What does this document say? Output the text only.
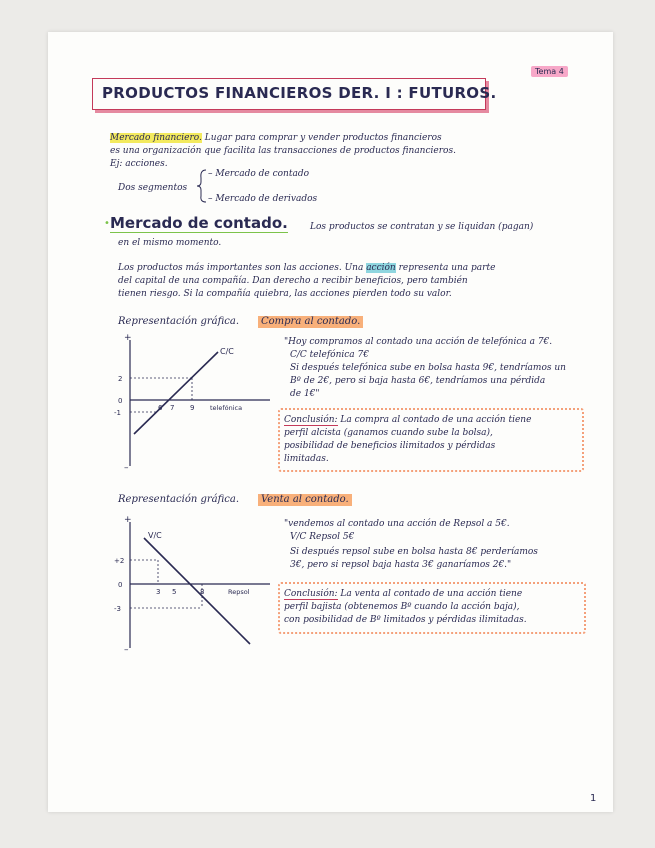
Tema 4
PRODUCTOS FINANCIEROS DER. I : FUTUROS.
Mercado financiero. Lugar para comprar y vender productos financieros
es una organización que facilita las transacciones de productos financieros.
Ej: acciones.
Dos segmentos
– Mercado de contado
– Mercado de derivados
• Mercado de contado. Los productos se contratan y se liquidan (pagan)
en el mismo momento.
Los productos más importantes son las acciones. Una acción representa una parte
del capital de una compañía. Dan derecho a recibir beneficios, pero también
tienen riesgo. Si la compañía quiebra, las acciones pierden todo su valor.
Representación gráfica.	Compra al contado.
+
–
C/C
2
0
-1
6 7 9 telefónica
"Hoy compramos al contado una acción de telefónica a 7€.
C/C telefónica 7€
Si después telefónica sube en bolsa hasta 9€, tendríamos un
Bº de 2€, pero si baja hasta 6€, tendríamos una pérdida
de 1€"
Conclusión: La compra al contado de una acción tiene
perfil alcista (ganamos cuando sube la bolsa),
posibilidad de beneficios ilimitados y pérdidas
limitadas.
Representación gráfica.	Venta al contado.
+
–
V/C
+2
0
-3
3 5	8	Repsol
"vendemos al contado una acción de Repsol a 5€.
V/C Repsol 5€
Si después repsol sube en bolsa hasta 8€ perderíamos
3€, pero si repsol baja hasta 3€ ganaríamos 2€."
Conclusión: La venta al contado de una acción tiene
perfil bajista (obtenemos Bº cuando la acción baja),
con posibilidad de Bº limitados y pérdidas ilimitadas.
1
